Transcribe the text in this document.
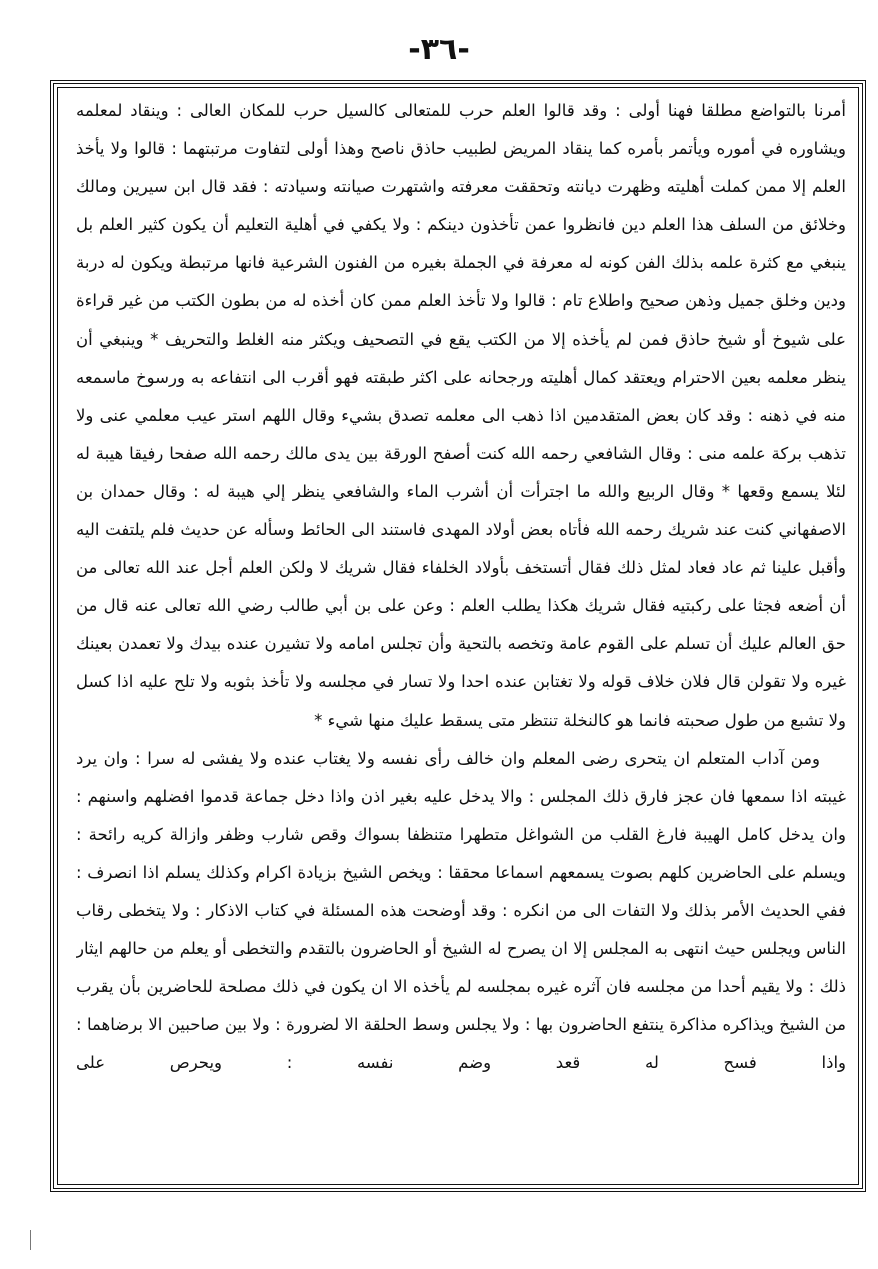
-٣٦-

أمرنا بالتواضع مطلقا فهنا أولى : وقد قالوا العلم حرب للمتعالى كالسيل حرب للمكان العالى : وينقاد لمعلمه ويشاوره في أموره ويأتمر بأمره كما ينقاد المريض لطبيب حاذق ناصح وهذا أولى لتفاوت مرتبتهما : قالوا ولا يأخذ العلم إلا ممن كملت أهليته وظهرت ديانته وتحققت معرفته واشتهرت صيانته وسيادته : فقد قال ابن سيرين ومالك وخلائق من السلف هذا العلم دين فانظروا عمن تأخذون دينكم : ولا يكفي في أهلية التعليم أن يكون كثير العلم بل ينبغي مع كثرة علمه بذلك الفن كونه له معرفة في الجملة بغيره من الفنون الشرعية فانها مرتبطة ويكون له دربة ودين وخلق جميل وذهن صحيح واطلاع تام : قالوا ولا تأخذ العلم ممن كان أخذه له من بطون الكتب من غير قراءة على شيوخ أو شيخ حاذق فمن لم يأخذه إلا من الكتب يقع في التصحيف ويكثر منه الغلط والتحريف * وينبغي أن ينظر معلمه بعين الاحترام ويعتقد كمال أهليته ورجحانه على اكثر طبقته فهو أقرب الى انتفاعه به ورسوخ ماسمعه منه في ذهنه : وقد كان بعض المتقدمين اذا ذهب الى معلمه تصدق بشيء وقال اللهم استر عيب معلمي عنى ولا تذهب بركة علمه منى : وقال الشافعي رحمه الله كنت أصفح الورقة بين يدى مالك رحمه الله صفحا رفيقا هيبة له لئلا يسمع وقعها * وقال الربيع والله ما اجترأت أن أشرب الماء والشافعي ينظر إلي هيبة له : وقال حمدان بن الاصفهاني كنت عند شريك رحمه الله فأتاه بعض أولاد المهدى فاستند الى الحائط وسأله عن حديث فلم يلتفت اليه وأقبل علينا ثم عاد فعاد لمثل ذلك فقال أتستخف بأولاد الخلفاء فقال شريك لا ولكن العلم أجل عند الله تعالى من أن أضعه فجثا على ركبتيه فقال شريك هكذا يطلب العلم : وعن على بن أبي طالب رضي الله تعالى عنه قال من حق العالم عليك أن تسلم على القوم عامة وتخصه بالتحية وأن تجلس امامه ولا تشيرن عنده بيدك ولا تعمدن بعينك غيره ولا تقولن قال فلان خلاف قوله ولا تغتابن عنده احدا ولا تسار في مجلسه ولا تأخذ بثوبه ولا تلح عليه اذا كسل ولا تشبع من طول صحبته فانما هو كالنخلة تنتظر متى يسقط عليك منها شيء *

ومن آداب المتعلم ان يتحرى رضى المعلم وان خالف رأى نفسه ولا يغتاب عنده ولا يفشى له سرا : وان يرد غيبته اذا سمعها فان عجز فارق ذلك المجلس : والا يدخل عليه بغير اذن واذا دخل جماعة قدموا افضلهم واسنهم : وان يدخل كامل الهيبة فارغ القلب من الشواغل متطهرا متنظفا بسواك وقص شارب وظفر وازالة كريه رائحة : ويسلم على الحاضرين كلهم بصوت يسمعهم اسماعا محققا : ويخص الشيخ بزيادة اكرام وكذلك يسلم اذا انصرف : ففي الحديث الأمر بذلك ولا التفات الى من انكره : وقد أوضحت هذه المسئلة في كتاب الاذكار : ولا يتخطى رقاب الناس ويجلس حيث انتهى به المجلس إلا ان يصرح له الشيخ أو الحاضرون بالتقدم والتخطى أو يعلم من حالهم ايثار ذلك : ولا يقيم أحدا من مجلسه فان آثره غيره بمجلسه لم يأخذه الا ان يكون في ذلك مصلحة للحاضرين بأن يقرب من الشيخ ويذاكره مذاكرة ينتفع الحاضرون بها : ولا يجلس وسط الحلقة الا لضرورة : ولا بين صاحبين الا برضاهما : واذا فسح له قعد وضم نفسه : ويحرص على
